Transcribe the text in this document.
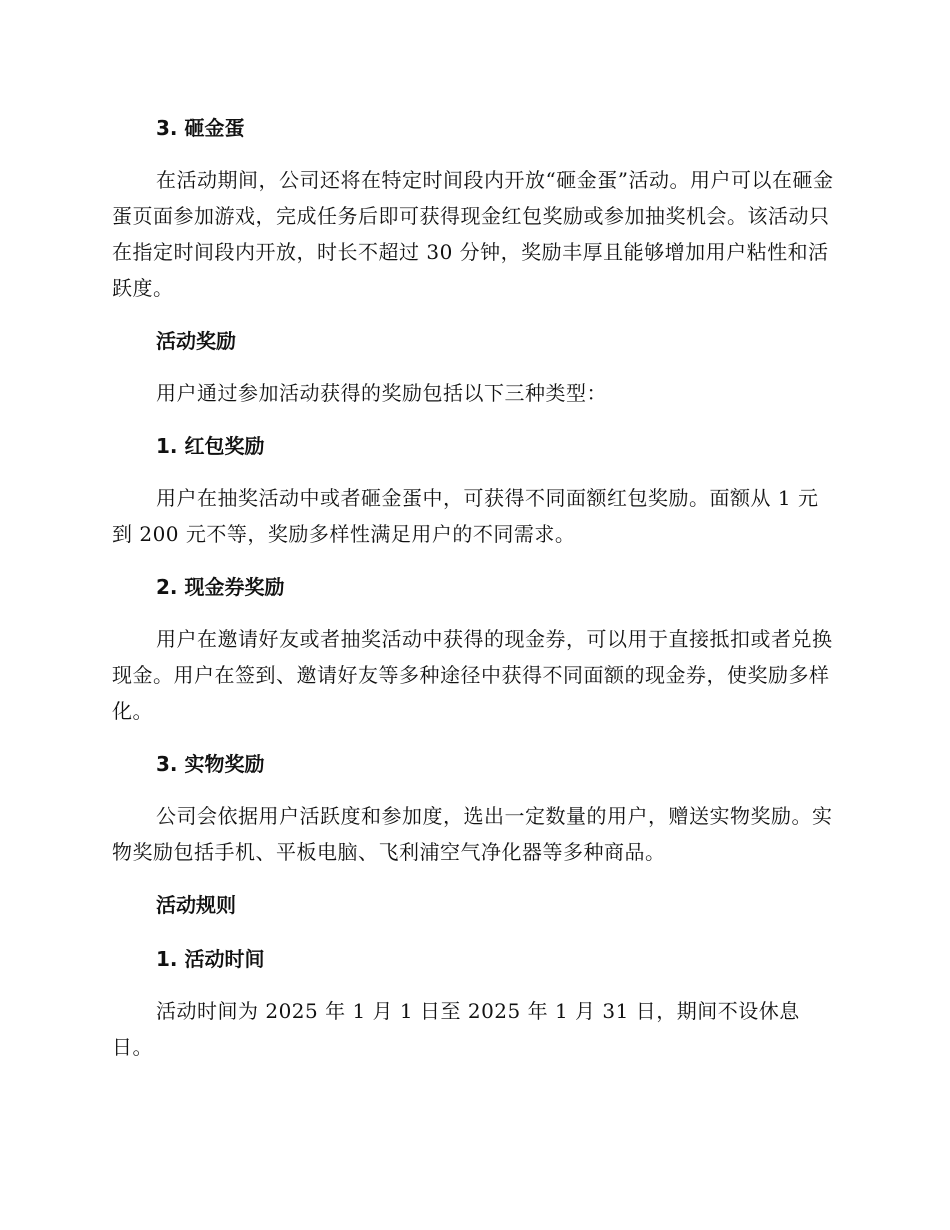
3. 砸金蛋

在活动期间，公司还将在特定时间段内开放“砸金蛋”活动。用户可以在砸金蛋页面参加游戏，完成任务后即可获得现金红包奖励或参加抽奖机会。该活动只在指定时间段内开放，时长不超过 30 分钟，奖励丰厚且能够增加用户粘性和活跃度。

活动奖励

用户通过参加活动获得的奖励包括以下三种类型：

1. 红包奖励

用户在抽奖活动中或者砸金蛋中，可获得不同面额红包奖励。面额从 1 元到 200 元不等，奖励多样性满足用户的不同需求。

2. 现金券奖励

用户在邀请好友或者抽奖活动中获得的现金券，可以用于直接抵扣或者兑换现金。用户在签到、邀请好友等多种途径中获得不同面额的现金券，使奖励多样化。

3. 实物奖励

公司会依据用户活跃度和参加度，选出一定数量的用户，赠送实物奖励。实物奖励包括手机、平板电脑、飞利浦空气净化器等多种商品。

活动规则
1. 活动时间

活动时间为 2025 年 1 月 1 日至 2025 年 1 月 31 日，期间不设休息日。
